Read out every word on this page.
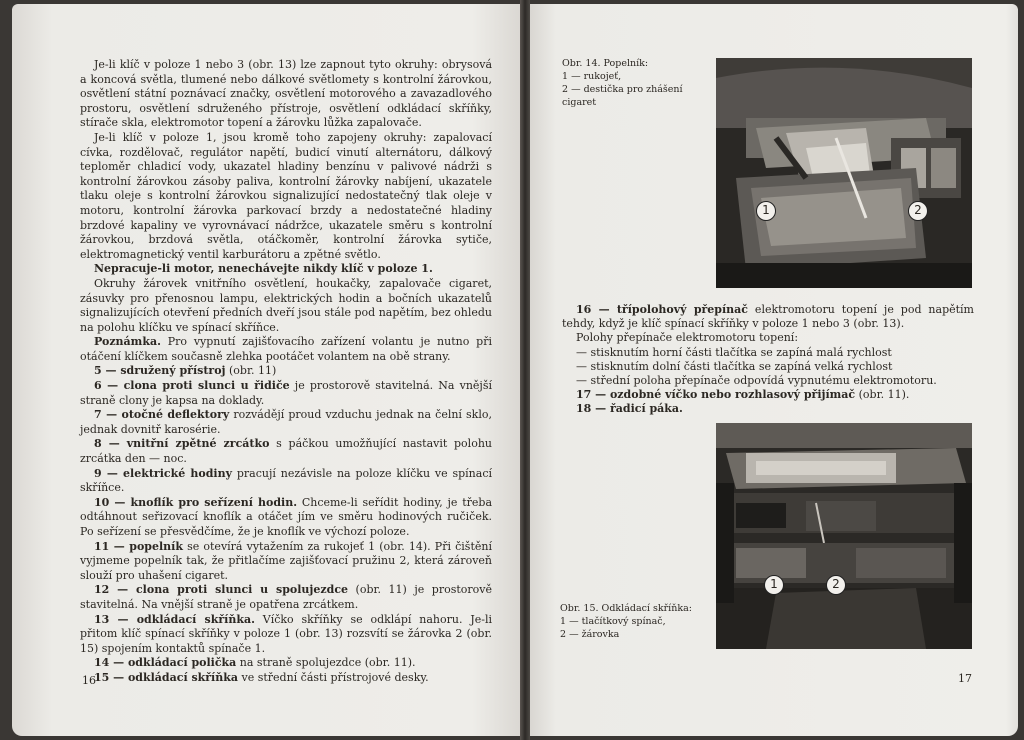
Je-li klíč v poloze 1 nebo 3 (obr. 13) lze zapnout tyto okruhy: obrysová a koncová světla, tlumené nebo dálkové světlomety s kontrolní žárovkou, osvětlení státní poznávací značky, osvětlení motorového a zavazadlového prostoru, osvětlení sdruženého přístroje, osvětlení odkládací skříňky, stírače skla, elektromotor topení a žárovku lůžka zapalovače.

Je-li klíč v poloze 1, jsou kromě toho zapojeny okruhy: zapalovací cívka, rozdělovač, regulátor napětí, budicí vinutí alternátoru, dálkový teploměr chladicí vody, ukazatel hladiny benzínu v palivové nádrži s kontrolní žárovkou zásoby paliva, kontrolní žárovky nabíjení, ukazatele tlaku oleje s kontrolní žárovkou signalizující nedostatečný tlak oleje v motoru, kontrolní žárovka parkovací brzdy a nedostatečné hladiny brzdové kapaliny ve vyrovnávací nádržce, ukazatele směru s kontrolní žárovkou, brzdová světla, otáčkoměr, kontrolní žárovka sytiče, elektromagnetický ventil karburátoru a zpětné světlo.

Nepracuje-li motor, nenechávejte nikdy klíč v poloze 1.

Okruhy žárovek vnitřního osvětlení, houkačky, zapalovače cigaret, zásuvky pro přenosnou lampu, elektrických hodin a bočních ukazatelů signalizujících otevření předních dveří jsou stále pod napětím, bez ohledu na polohu klíčku ve spínací skříňce.

Poznámka. Pro vypnutí zajišťovacího zařízení volantu je nutno při otáčení klíčkem současně zlehka pootáčet volantem na obě strany.

5 — sdružený přístroj (obr. 11)

6 — clona proti slunci u řidiče je prostorově stavitelná. Na vnější straně clony je kapsa na doklady.

7 — otočné deflektory rozvádějí proud vzduchu jednak na čelní sklo, jednak dovnitř karosérie.

8 — vnitřní zpětné zrcátko s páčkou umožňující nastavit polohu zrcátka den — noc.

9 — elektrické hodiny pracují nezávisle na poloze klíčku ve spínací skříňce.

10 — knoflík pro seřízení hodin. Chceme-li seřídit hodiny, je třeba odtáhnout seřizovací knoflík a otáčet jím ve směru hodinových ručiček. Po seřízení se přesvědčíme, že je knoflík ve výchozí poloze.

11 — popelník se otevírá vytažením za rukojeť 1 (obr. 14). Při čištění vyjmeme popelník tak, že přitlačíme zajišťovací pružinu 2, která zároveň slouží pro uhašení cigaret.

12 — clona proti slunci u spolujezdce (obr. 11) je prostorově stavitelná. Na vnější straně je opatřena zrcátkem.

13 — odkládací skříňka. Víčko skříňky se odklápí nahoru. Je-li přitom klíč spínací skříňky v poloze 1 (obr. 13) rozsvítí se žárovka 2 (obr. 15) spojením kontaktů spínače 1.

14 — odkládací polička na straně spolujezdce (obr. 11).

15 — odkládací skříňka ve střední části přístrojové desky.

16
Obr. 14. Popelník:
1 — rukojeť,
2 — destička pro zhášení cigaret
1	2

16 — třípolohový přepínač elektromotoru topení je pod napětím tehdy, když je klíč spínací skříňky v poloze 1 nebo 3 (obr. 13).

Polohy přepínače elektromotoru topení:

— stisknutím horní části tlačítka se zapíná malá rychlost

— stisknutím dolní části tlačítka se zapíná velká rychlost

— střední poloha přepínače odpovídá vypnutému elektromotoru.

17 — ozdobné víčko nebo rozhlasový přijímač (obr. 11).

18 — řadicí páka.

1	2
Obr. 15. Odkládací skříňka:
1 — tlačítkový spínač,
2 — žárovka
17
